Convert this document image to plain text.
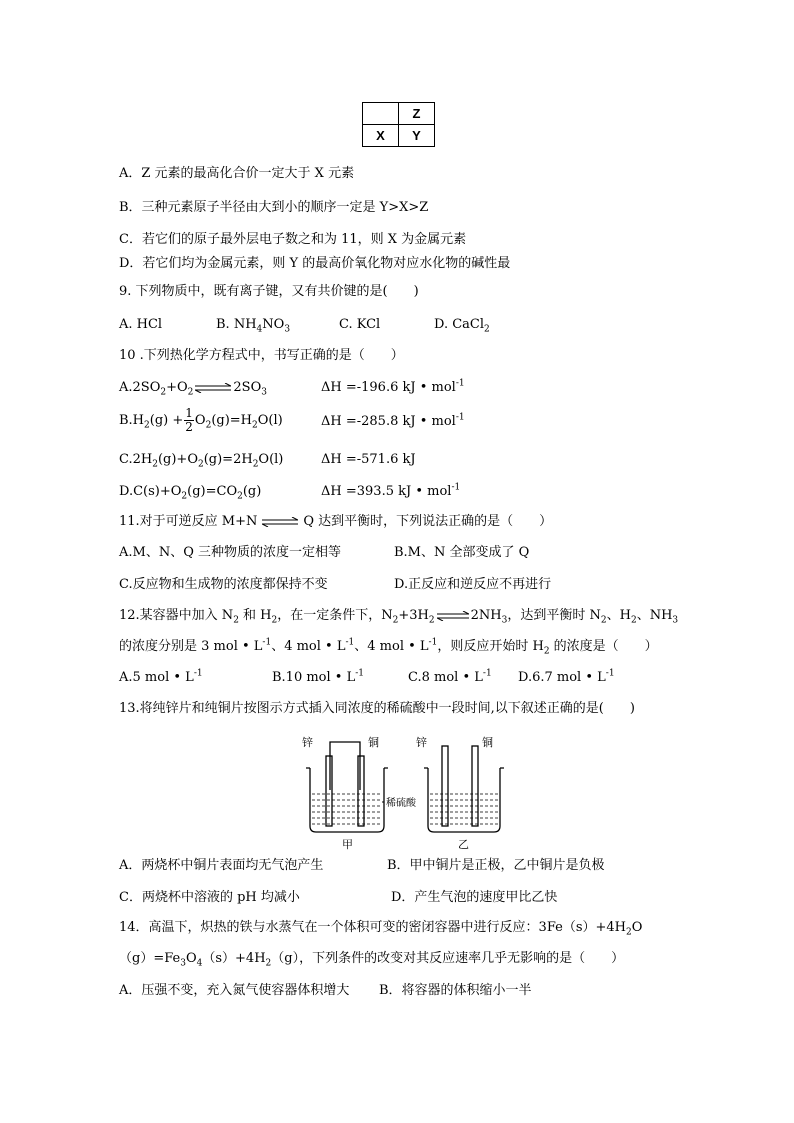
	Z
X	Y
A．Z 元素的最高化合价一定大于 X 元素
B．三种元素原子半径由大到小的顺序一定是 Y>X>Z
C．若它们的原子最外层电子数之和为 11，则 X 为金属元素
D．若它们均为金属元素，则 Y 的最高价氧化物对应水化物的碱性最
9. 下列物质中，既有离子键，又有共价键的是(　　)
A. HCl	B. $NH_4NO_3$	C. KCl	D. CaCl$_2$
10 .下列热化学方程式中，书写正确的是（　　）
$A.2SO_2+O_2$ ⇌ $2SO_3$	ΔH =-196.6 kJ • mol$^{-1}$
$B.H_2(g) + \frac{1}{2} O_2(g)=H_2O(l)$	ΔH =-285.8 kJ • mol$^{-1}$
$C.2H_2(g)+O_2(g)=2H_2O(l)$	ΔH =-571.6 kJ
$D.C(s)+O_2(g)=CO_2(g)$	ΔH =393.5 kJ • mol$^{-1}$
11.对于可逆反应 M+N ⇌ Q 达到平衡时，下列说法正确的是（　　）
A.M、N、Q 三种物质的浓度一定相等	B.M、N 全部变成了 Q
C.反应物和生成物的浓度都保持不变	D.正反应和逆反应不再进行
12.某容器中加入 $N_2$ 和 $H_2$，在一定条件下，$N_2+3H_2$ ⇌ $2NH_3$，达到平衡时 $N_2$、$H_2$、$NH_3$
的浓度分别是 3 mol • $L^{-1}$、4 mol • $L^{-1}$、4 mol • $L^{-1}$，则反应开始时 $H_2$ 的浓度是（　　）
A.5 mol • $L^{-1}$	B.10 mol • $L^{-1}$	C.8 mol • $L^{-1}$ D.6.7 mol • $L^{-1}$
13.将纯锌片和纯铜片按图示方式插入同浓度的稀硫酸中一段时间,以下叙述正确的是(　　)
锌	铜	锌	铜
稀硫酸
甲	乙
A．两烧杯中铜片表面均无气泡产生	B．甲中铜片是正极，乙中铜片是负极
C．两烧杯中溶液的 pH 均减小	D．产生气泡的速度甲比乙快
14．高温下，炽热的铁与水蒸气在一个体积可变的密闭容器中进行反应：$3Fe(s)+4H_2O$
$(g)=Fe_3O_4(s)+4H_2(g)$，下列条件的改变对其反应速率几乎无影响的是（　　）
A．压强不变，充入氮气使容器体积增大 B．将容器的体积缩小一半
